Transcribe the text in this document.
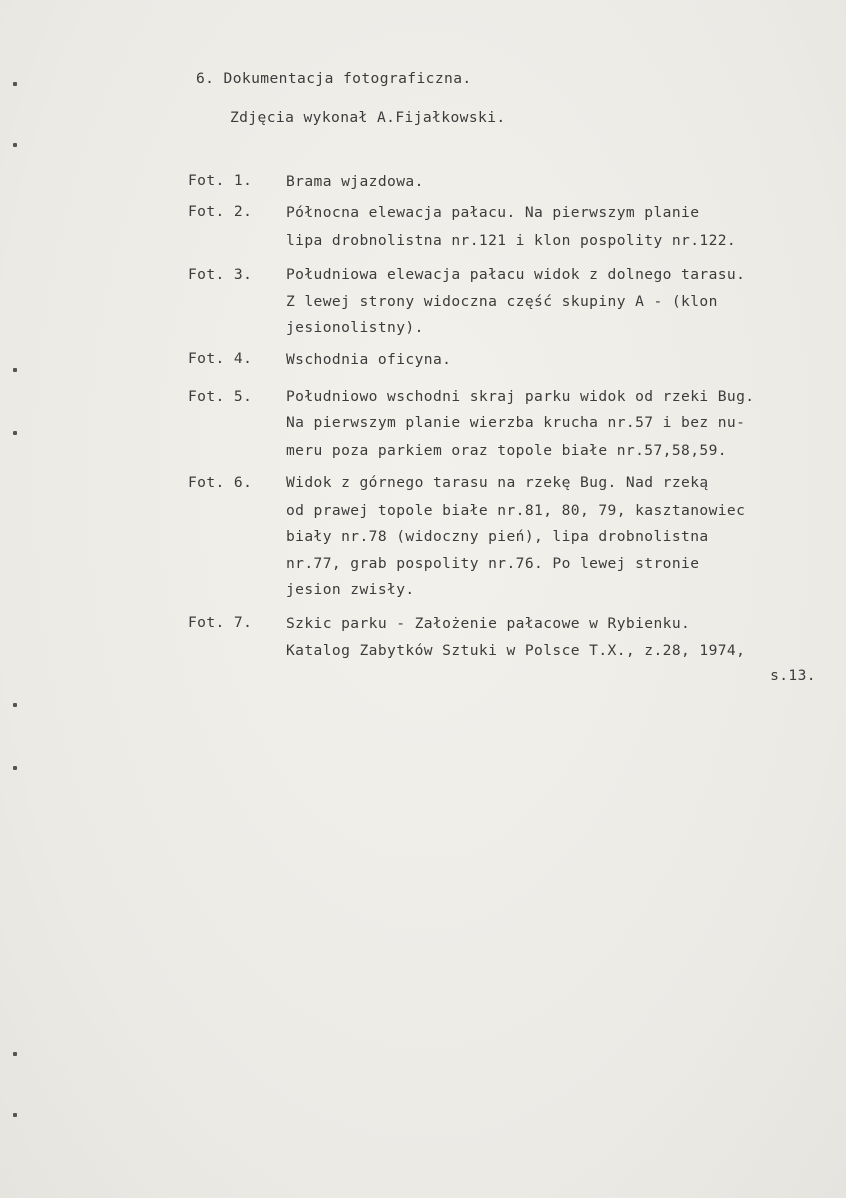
6. Dokumentacja fotograficzna.
Zdjęcia wykonał A.Fijałkowski.
Fot. 1. Brama wjazdowa.
Fot. 2. Północna elewacja pałacu. Na pierwszym planie
lipa drobnolistna nr.121 i klon pospolity nr.122.
Fot. 3. Południowa elewacja pałacu widok z dolnego tarasu.
Z lewej strony widoczna część skupiny A - (klon
jesionolistny).
Fot. 4. Wschodnia oficyna.
Fot. 5. Południowo wschodni skraj parku widok od rzeki Bug.
Na pierwszym planie wierzba krucha nr.57 i bez nu-
meru poza parkiem oraz topole białe nr.57,58,59.
Fot. 6. Widok z górnego tarasu na rzekę Bug. Nad rzeką
od prawej topole białe nr.81, 80, 79, kasztanowiec
biały nr.78 (widoczny pień), lipa drobnolistna
nr.77, grab pospolity nr.76. Po lewej stronie
jesion zwisły.
Fot. 7. Szkic parku - Założenie pałacowe w Rybienku.
Katalog Zabytków Sztuki w Polsce T.X., z.28, 1974,
s.13.
